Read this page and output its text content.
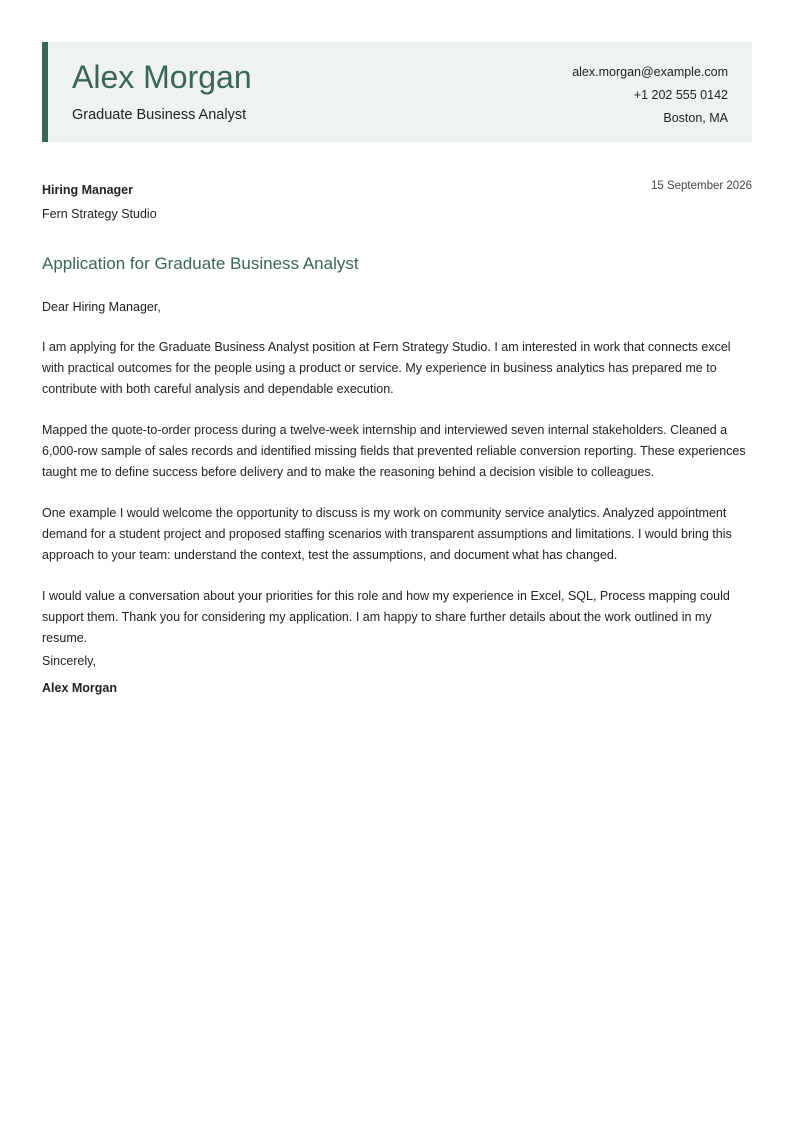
Alex Morgan
Graduate Business Analyst
alex.morgan@example.com
+1 202 555 0142
Boston, MA
Hiring Manager
Fern Strategy Studio
15 September 2026
Application for Graduate Business Analyst

Dear Hiring Manager,

I am applying for the Graduate Business Analyst position at Fern Strategy Studio. I am interested in work that connects excel with practical outcomes for the people using a product or service. My experience in business analytics has prepared me to contribute with both careful analysis and dependable execution.

Mapped the quote-to-order process during a twelve-week internship and interviewed seven internal stakeholders. Cleaned a 6,000-row sample of sales records and identified missing fields that prevented reliable conversion reporting. These experiences taught me to define success before delivery and to make the reasoning behind a decision visible to colleagues.

One example I would welcome the opportunity to discuss is my work on community service analytics. Analyzed appointment demand for a student project and proposed staffing scenarios with transparent assumptions and limitations. I would bring this approach to your team: understand the context, test the assumptions, and document what has changed.

I would value a conversation about your priorities for this role and how my experience in Excel, SQL, Process mapping could support them. Thank you for considering my application. I am happy to share further details about the work outlined in my resume.

Sincerely,
Alex Morgan
